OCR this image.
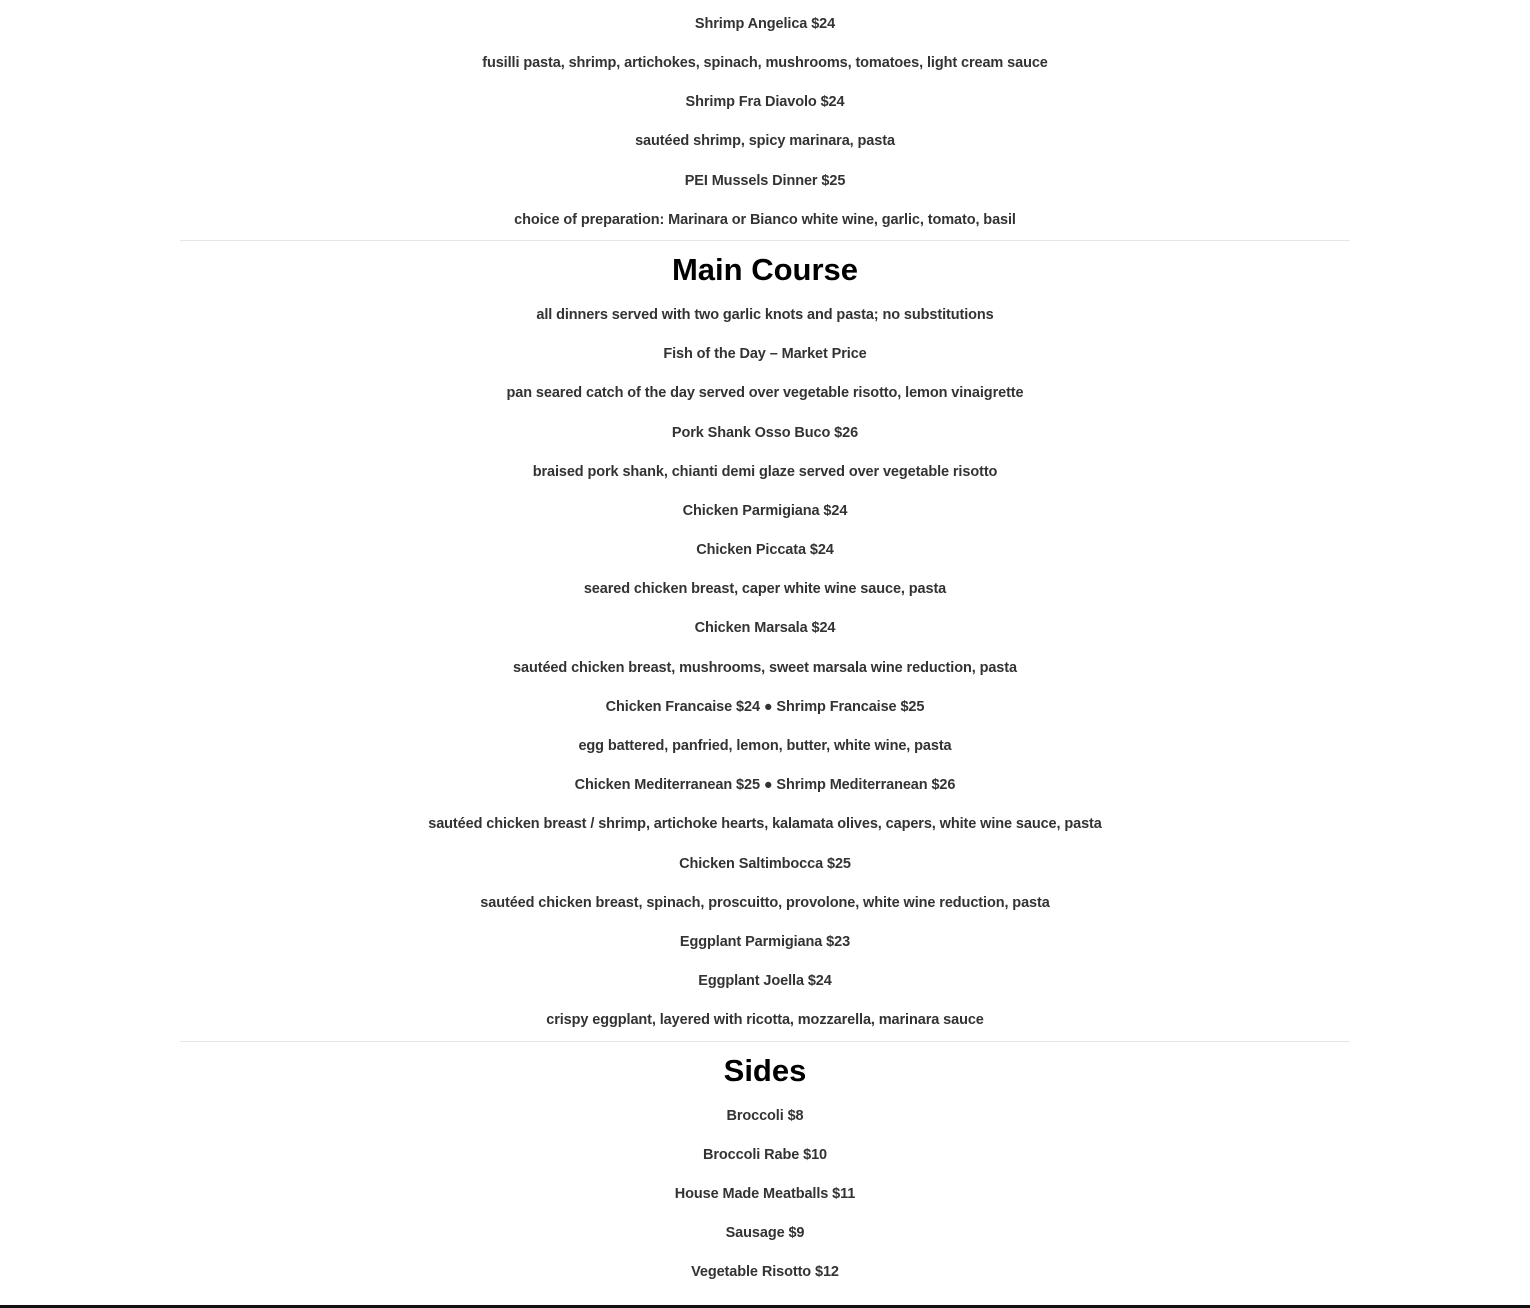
Shrimp Angelica $24
fusilli pasta, shrimp, artichokes, spinach, mushrooms, tomatoes, light cream sauce
Shrimp Fra Diavolo $24
sautéed shrimp, spicy marinara, pasta
PEI Mussels Dinner $25
choice of preparation: Marinara or Bianco white wine, garlic, tomato, basil
Main Course
all dinners served with two garlic knots and pasta; no substitutions
Fish of the Day – Market Price
pan seared catch of the day served over vegetable risotto, lemon vinaigrette
Pork Shank Osso Buco $26
braised pork shank, chianti demi glaze served over vegetable risotto
Chicken Parmigiana $24
Chicken Piccata $24
seared chicken breast, caper white wine sauce, pasta
Chicken Marsala $24
sautéed chicken breast, mushrooms, sweet marsala wine reduction, pasta
Chicken Francaise $24 ● Shrimp Francaise $25
egg battered, panfried, lemon, butter, white wine, pasta
Chicken Mediterranean $25 ● Shrimp Mediterranean $26
sautéed chicken breast / shrimp, artichoke hearts, kalamata olives, capers, white wine sauce, pasta
Chicken Saltimbocca $25
sautéed chicken breast, spinach, proscuitto, provolone, white wine reduction, pasta
Eggplant Parmigiana $23
Eggplant Joella $24
crispy eggplant, layered with ricotta, mozzarella, marinara sauce
Sides
Broccoli $8
Broccoli Rabe $10
House Made Meatballs $11
Sausage $9
Vegetable Risotto $12
